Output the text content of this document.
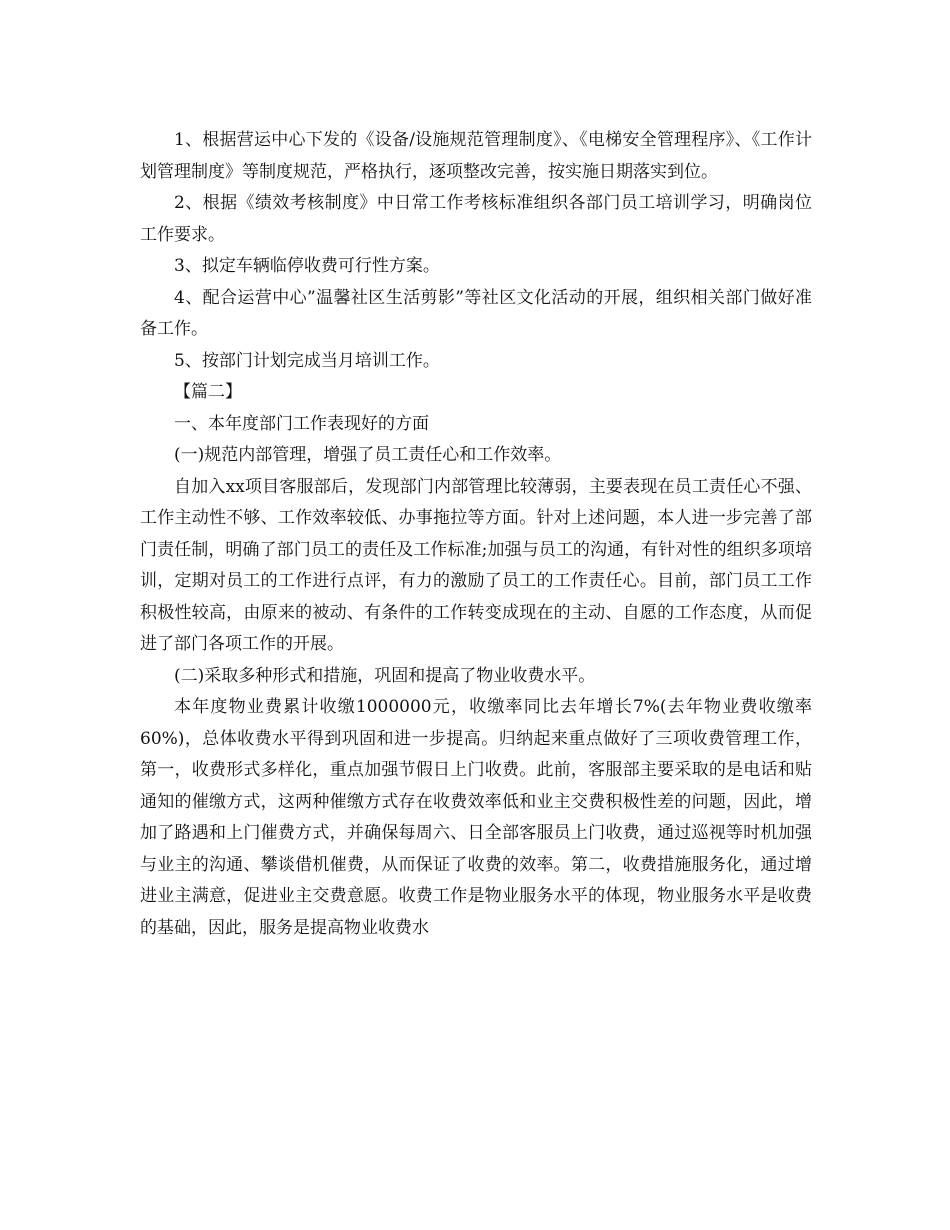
1、根据营运中心下发的《设备/设施规范管理制度》、《电梯安全管理程序》、《工作计划管理制度》等制度规范，严格执行，逐项整改完善，按实施日期落实到位。

2、根据《绩效考核制度》中日常工作考核标准组织各部门员工培训学习，明确岗位工作要求。

3、拟定车辆临停收费可行性方案。

4、配合运营中心”温馨社区生活剪影”等社区文化活动的开展，组织相关部门做好准备工作。

5、按部门计划完成当月培训工作。

【篇二】

一、本年度部门工作表现好的方面

(一)规范内部管理，增强了员工责任心和工作效率。

自加入xx项目客服部后，发现部门内部管理比较薄弱，主要表现在员工责任心不强、工作主动性不够、工作效率较低、办事拖拉等方面。针对上述问题，本人进一步完善了部门责任制，明确了部门员工的责任及工作标准;加强与员工的沟通，有针对性的组织多项培训，定期对员工的工作进行点评，有力的激励了员工的工作责任心。目前，部门员工工作积极性较高，由原来的被动、有条件的工作转变成现在的主动、自愿的工作态度，从而促进了部门各项工作的开展。

(二)采取多种形式和措施，巩固和提高了物业收费水平。

本年度物业费累计收缴1000000元，收缴率同比去年增长7%(去年物业费收缴率60%)，总体收费水平得到巩固和进一步提高。归纳起来重点做好了三项收费管理工作，第一，收费形式多样化，重点加强节假日上门收费。此前，客服部主要采取的是电话和贴通知的催缴方式，这两种催缴方式存在收费效率低和业主交费积极性差的问题，因此，增加了路遇和上门催费方式，并确保每周六、日全部客服员上门收费，通过巡视等时机加强与业主的沟通、攀谈借机催费，从而保证了收费的效率。第二，收费措施服务化，通过增进业主满意，促进业主交费意愿。收费工作是物业服务水平的体现，物业服务水平是收费的基础，因此，服务是提高物业收费水
